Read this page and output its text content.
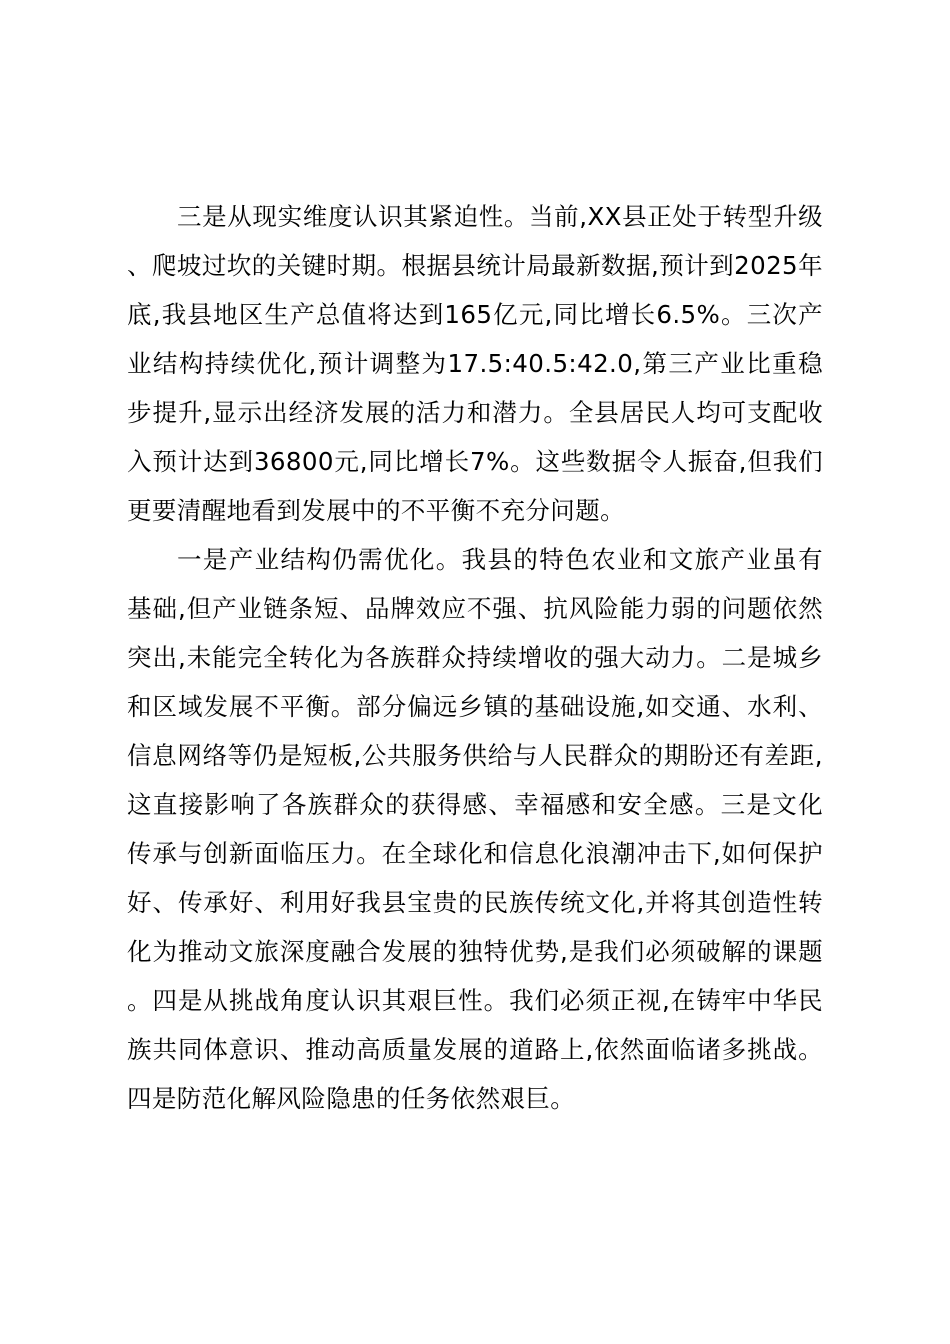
三是从现实维度认识其紧迫性。当前,XX县正处于转型升级、爬坡过坎的关键时期。根据县统计局最新数据,预计到2025年底,我县地区生产总值将达到165亿元,同比增长6.5%。三次产业结构持续优化,预计调整为17.5:40.5:42.0,第三产业比重稳步提升,显示出经济发展的活力和潜力。全县居民人均可支配收入预计达到36800元,同比增长7%。这些数据令人振奋,但我们更要清醒地看到发展中的不平衡不充分问题。

一是产业结构仍需优化。我县的特色农业和文旅产业虽有基础,但产业链条短、品牌效应不强、抗风险能力弱的问题依然突出,未能完全转化为各族群众持续增收的强大动力。二是城乡和区域发展不平衡。部分偏远乡镇的基础设施,如交通、水利、信息网络等仍是短板,公共服务供给与人民群众的期盼还有差距,这直接影响了各族群众的获得感、幸福感和安全感。三是文化传承与创新面临压力。在全球化和信息化浪潮冲击下,如何保护好、传承好、利用好我县宝贵的民族传统文化,并将其创造性转化为推动文旅深度融合发展的独特优势,是我们必须破解的课题。四是从挑战角度认识其艰巨性。我们必须正视,在铸牢中华民族共同体意识、推动高质量发展的道路上,依然面临诸多挑战。四是防范化解风险隐患的任务依然艰巨。
